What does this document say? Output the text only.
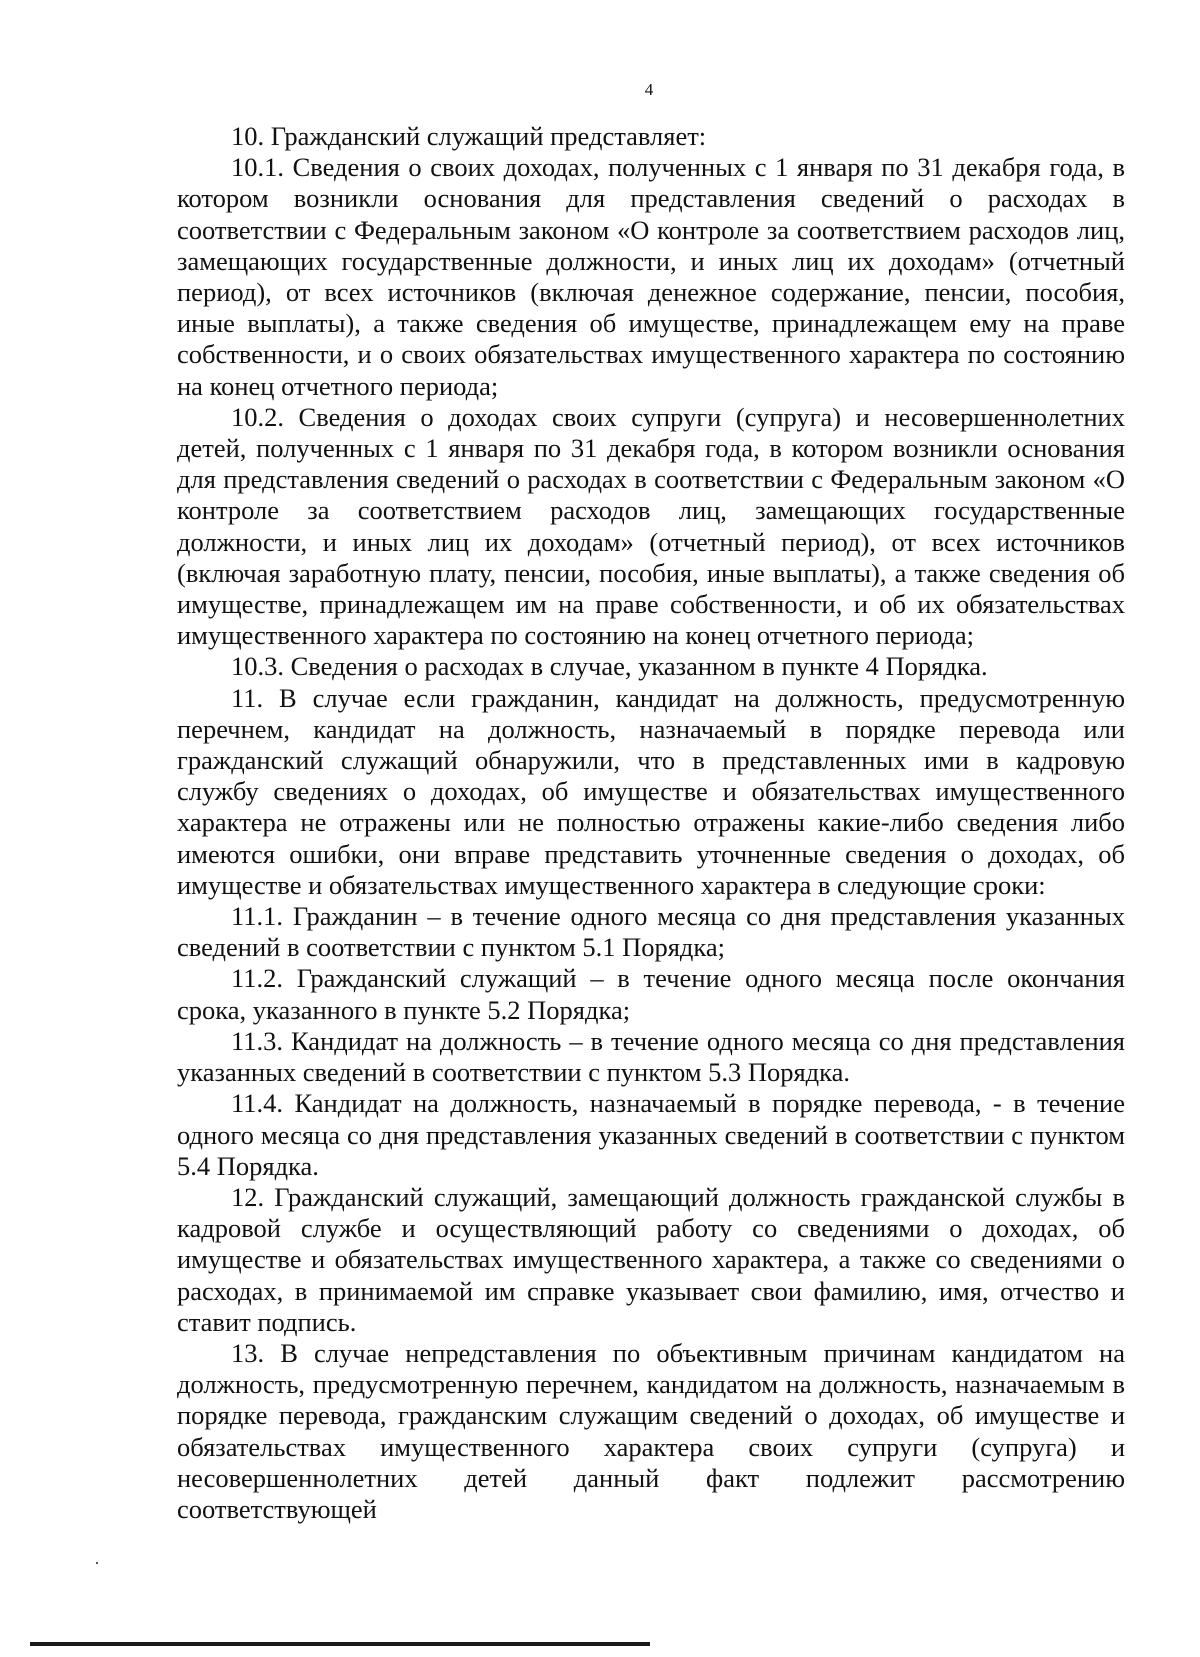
4

10. Гражданский служащий представляет:

10.1. Сведения о своих доходах, полученных с 1 января по 31 декабря года, в котором возникли основания для представления сведений о расходах в соответствии с Федеральным законом «О контроле за соответствием расходов лиц, замещающих государственные должности, и иных лиц их доходам» (отчетный период), от всех источников (включая денежное содержание, пенсии, пособия, иные выплаты), а также сведения об имуществе, принадлежащем ему на праве собственности, и о своих обязательствах имущественного характера по состоянию на конец отчетного периода;

10.2. Сведения о доходах своих супруги (супруга) и несовершеннолетних детей, полученных с 1 января по 31 декабря года, в котором возникли основания для представления сведений о расходах в соответствии с Федеральным законом «О контроле за соответствием расходов лиц, замещающих государственные должности, и иных лиц их доходам» (отчетный период), от всех источников (включая заработную плату, пенсии, пособия, иные выплаты), а также сведения об имуществе, принадлежащем им на праве собственности, и об их обязательствах имущественного характера по состоянию на конец отчетного периода;

10.3. Сведения о расходах в случае, указанном в пункте 4 Порядка.

11. В случае если гражданин, кандидат на должность, предусмотренную перечнем, кандидат на должность, назначаемый в порядке перевода или гражданский служащий обнаружили, что в представленных ими в кадровую службу сведениях о доходах, об имуществе и обязательствах имущественного характера не отражены или не полностью отражены какие-либо сведения либо имеются ошибки, они вправе представить уточненные сведения о доходах, об имуществе и обязательствах имущественного характера в следующие сроки:

11.1. Гражданин – в течение одного месяца со дня представления указанных сведений в соответствии с пунктом 5.1 Порядка;

11.2. Гражданский служащий – в течение одного месяца после окончания срока, указанного в пункте 5.2 Порядка;

11.3. Кандидат на должность – в течение одного месяца со дня представления указанных сведений в соответствии с пунктом 5.3 Порядка.

11.4. Кандидат на должность, назначаемый в порядке перевода, - в течение одного месяца со дня представления указанных сведений в соответствии с пунктом 5.4 Порядка.

12. Гражданский служащий, замещающий должность гражданской службы в кадровой службе и осуществляющий работу со сведениями о доходах, об имуществе и обязательствах имущественного характера, а также со сведениями о расходах, в принимаемой им справке указывает свои фамилию, имя, отчество и ставит подпись.

13. В случае непредставления по объективным причинам кандидатом на должность, предусмотренную перечнем, кандидатом на должность, назначаемым в порядке перевода, гражданским служащим сведений о доходах, об имуществе и обязательствах имущественного характера своих супруги (супруга) и несовершеннолетних детей данный факт подлежит рассмотрению соответствующей
